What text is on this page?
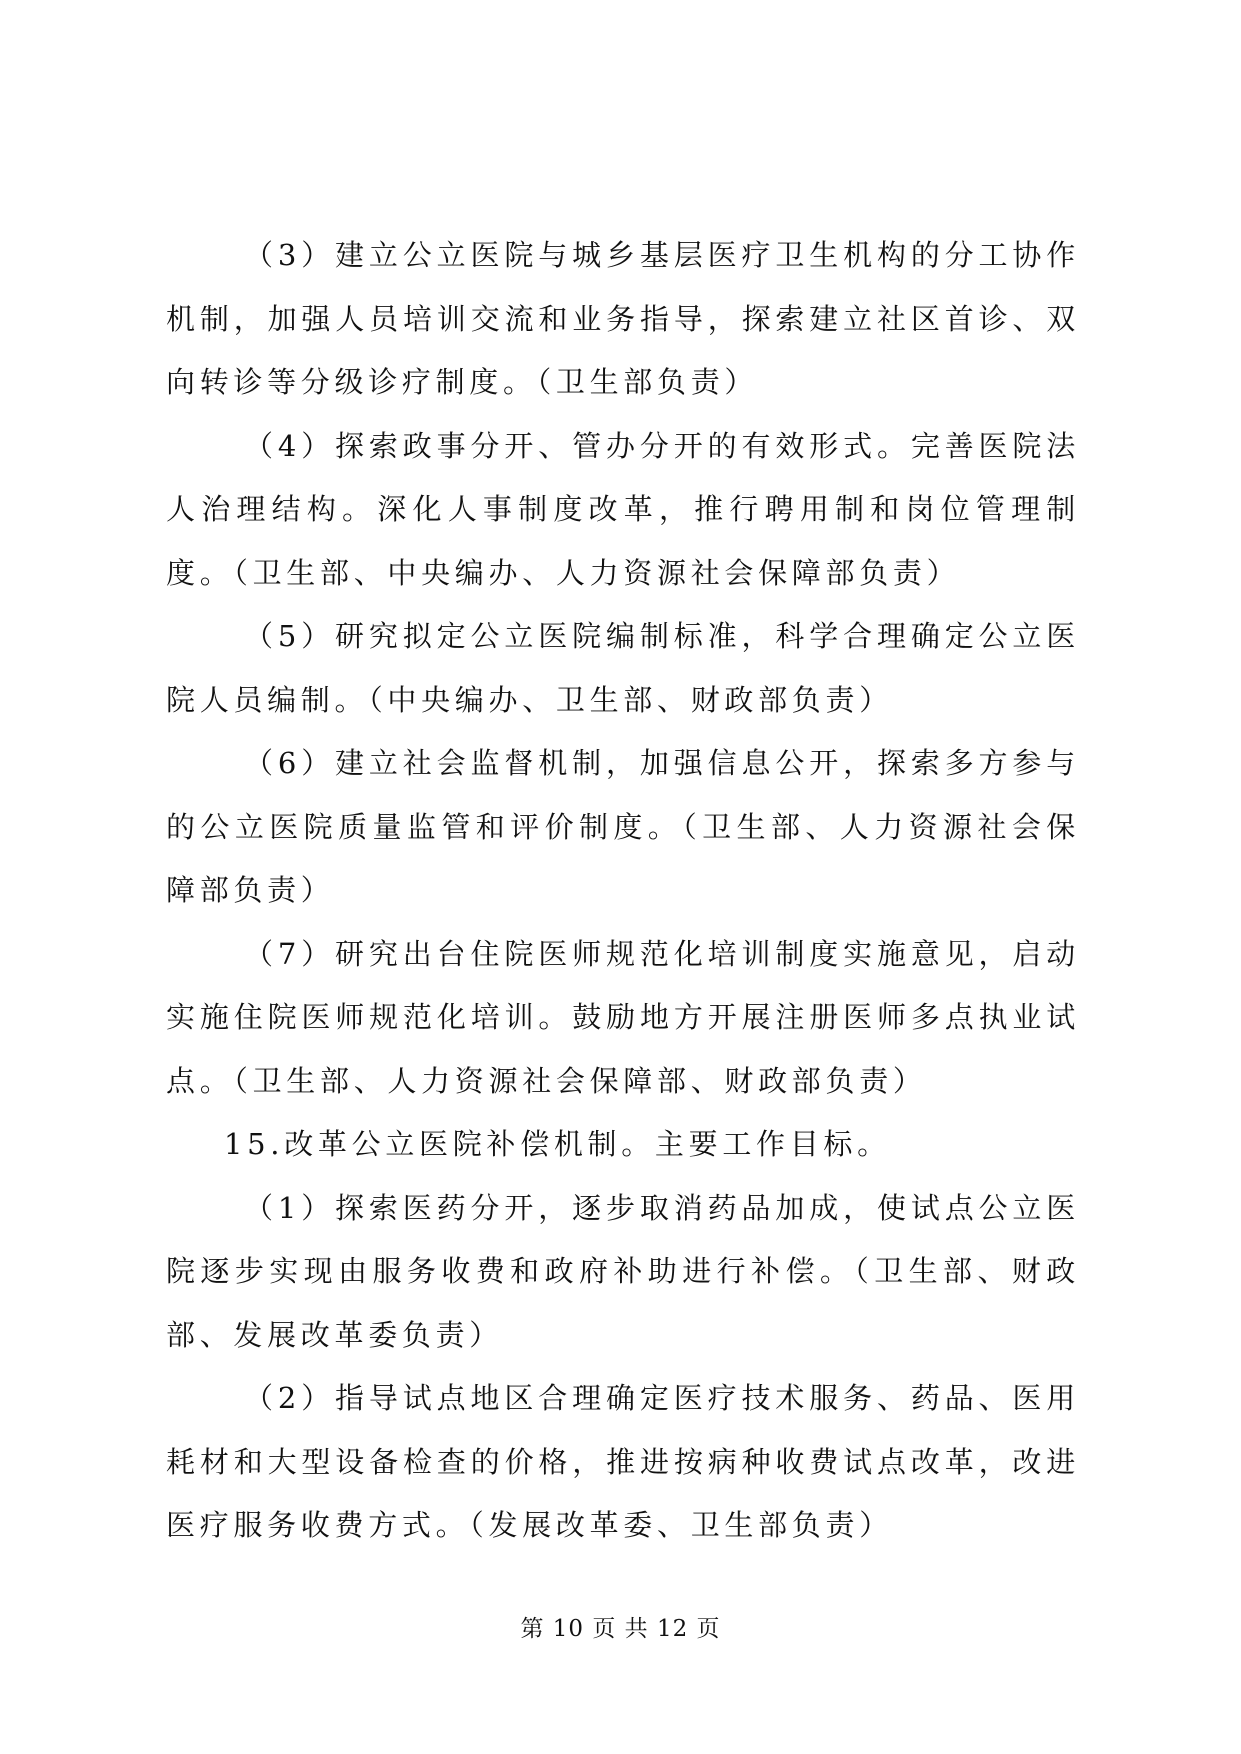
（3）建立公立医院与城乡基层医疗卫生机构的分工协作机制，加强人员培训交流和业务指导，探索建立社区首诊、双向转诊等分级诊疗制度。（卫生部负责）

（4）探索政事分开、管办分开的有效形式。完善医院法人治理结构。深化人事制度改革，推行聘用制和岗位管理制度。（卫生部、中央编办、人力资源社会保障部负责）

（5）研究拟定公立医院编制标准，科学合理确定公立医院人员编制。（中央编办、卫生部、财政部负责）

（6）建立社会监督机制，加强信息公开，探索多方参与的公立医院质量监管和评价制度。（卫生部、人力资源社会保障部负责）

（7）研究出台住院医师规范化培训制度实施意见，启动实施住院医师规范化培训。鼓励地方开展注册医师多点执业试点。（卫生部、人力资源社会保障部、财政部负责）

15.改革公立医院补偿机制。主要工作目标。

（1）探索医药分开，逐步取消药品加成，使试点公立医院逐步实现由服务收费和政府补助进行补偿。（卫生部、财政部、发展改革委负责）

（2）指导试点地区合理确定医疗技术服务、药品、医用耗材和大型设备检查的价格，推进按病种收费试点改革，改进医疗服务收费方式。（发展改革委、卫生部负责）

第 10 页 共 12 页
